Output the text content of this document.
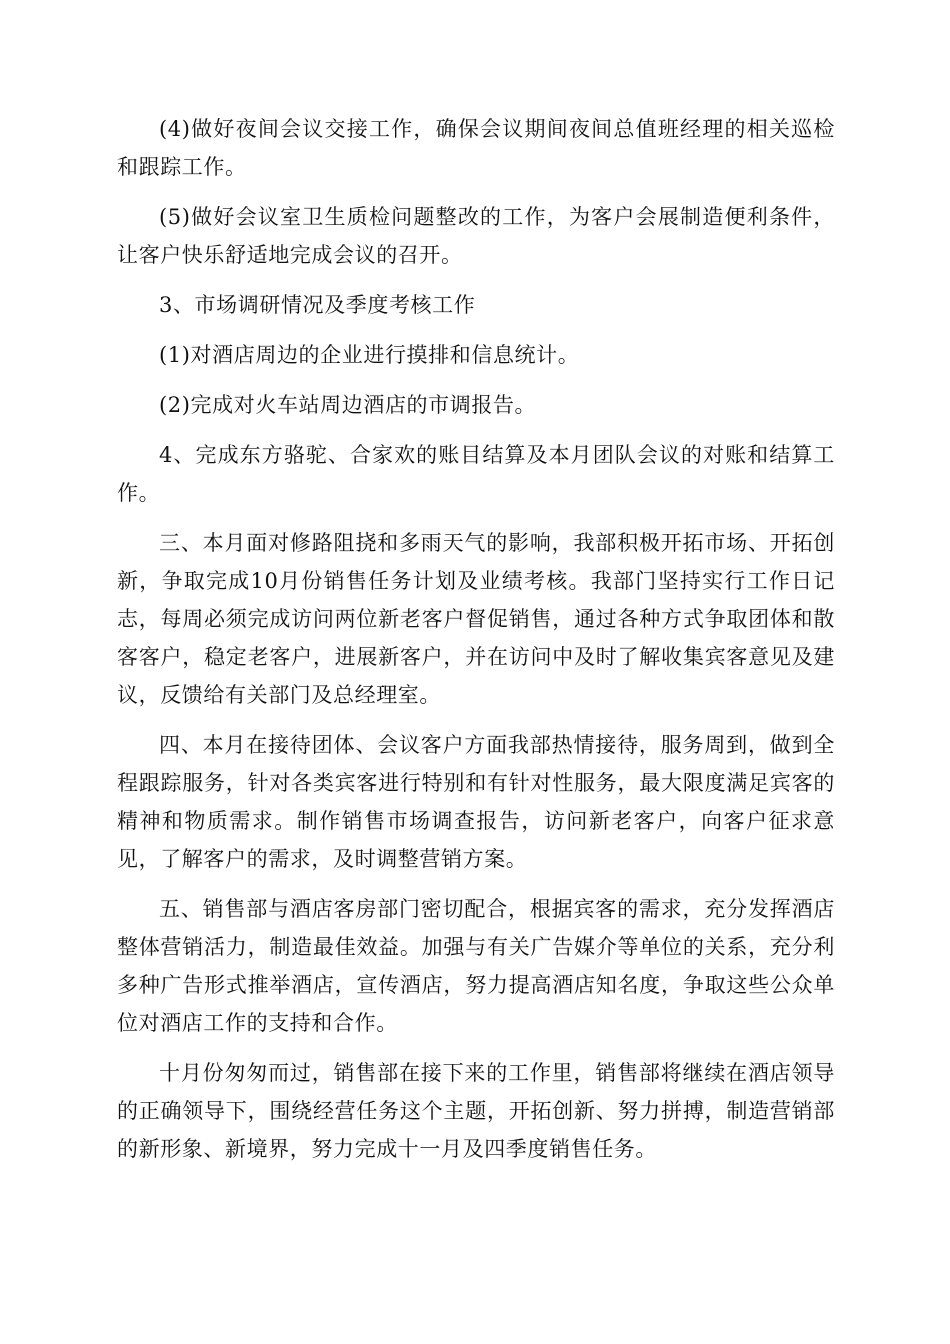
(4)做好夜间会议交接工作，确保会议期间夜间总值班经理的相关巡检和跟踪工作。

(5)做好会议室卫生质检问题整改的工作，为客户会展制造便利条件，让客户快乐舒适地完成会议的召开。

3、市场调研情况及季度考核工作

(1)对酒店周边的企业进行摸排和信息统计。

(2)完成对火车站周边酒店的市调报告。

4、完成东方骆驼、合家欢的账目结算及本月团队会议的对账和结算工作。

三、本月面对修路阻挠和多雨天气的影响，我部积极开拓市场、开拓创新，争取完成10月份销售任务计划及业绩考核。我部门坚持实行工作日记志，每周必须完成访问两位新老客户督促销售，通过各种方式争取团体和散客客户，稳定老客户，进展新客户，并在访问中及时了解收集宾客意见及建议，反馈给有关部门及总经理室。

四、本月在接待团体、会议客户方面我部热情接待，服务周到，做到全程跟踪服务，针对各类宾客进行特别和有针对性服务，最大限度满足宾客的精神和物质需求。制作销售市场调查报告，访问新老客户，向客户征求意见，了解客户的需求，及时调整营销方案。

五、销售部与酒店客房部门密切配合，根据宾客的需求，充分发挥酒店整体营销活力，制造最佳效益。加强与有关广告媒介等单位的关系，充分利多种广告形式推举酒店，宣传酒店，努力提高酒店知名度，争取这些公众单位对酒店工作的支持和合作。

十月份匆匆而过，销售部在接下来的工作里，销售部将继续在酒店领导的正确领导下，围绕经营任务这个主题，开拓创新、努力拼搏，制造营销部的新形象、新境界，努力完成十一月及四季度销售任务。
